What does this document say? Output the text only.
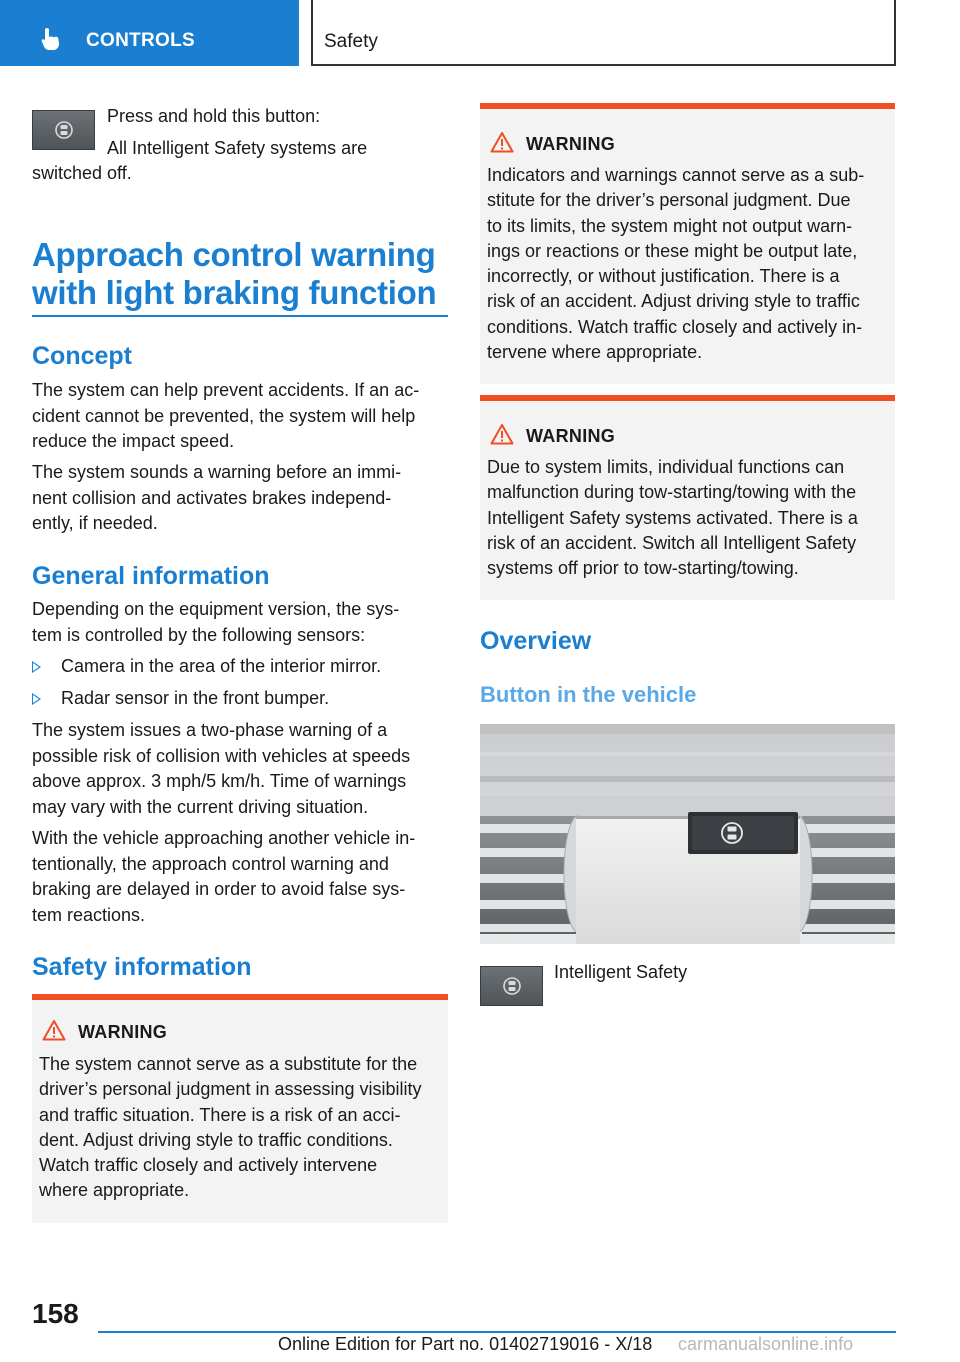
CONTROLS	Safety
Press and hold this button:
All Intelligent Safety systems are
switched off.
Approach control warning
with light braking function
Concept
The system can help prevent accidents. If an ac-
cident cannot be prevented, the system will help
reduce the impact speed.
The system sounds a warning before an immi-
nent collision and activates brakes independ-
ently, if needed.
General information
Depending on the equipment version, the sys-
tem is controlled by the following sensors:
Camera in the area of the interior mirror.
Radar sensor in the front bumper.
The system issues a two-phase warning of a
possible risk of collision with vehicles at speeds
above approx. 3 mph/5 km/h. Time of warnings
may vary with the current driving situation.
With the vehicle approaching another vehicle in-
tentionally, the approach control warning and
braking are delayed in order to avoid false sys-
tem reactions.
Safety information
WARNING
The system cannot serve as a substitute for the
driver’s personal judgment in assessing visibility
and traffic situation. There is a risk of an acci-
dent. Adjust driving style to traffic conditions.
Watch traffic closely and actively intervene
where appropriate.
WARNING
Indicators and warnings cannot serve as a sub-
stitute for the driver’s personal judgment. Due
to its limits, the system might not output warn-
ings or reactions or these might be output late,
incorrectly, or without justification. There is a
risk of an accident. Adjust driving style to traffic
conditions. Watch traffic closely and actively in-
tervene where appropriate.
WARNING
Due to system limits, individual functions can
malfunction during tow-starting/towing with the
Intelligent Safety systems activated. There is a
risk of an accident. Switch all Intelligent Safety
systems off prior to tow-starting/towing.
Overview
Button in the vehicle
Intelligent Safety
158
Online Edition for Part no. 01402719016 - X/18 carmanualsonline.info
